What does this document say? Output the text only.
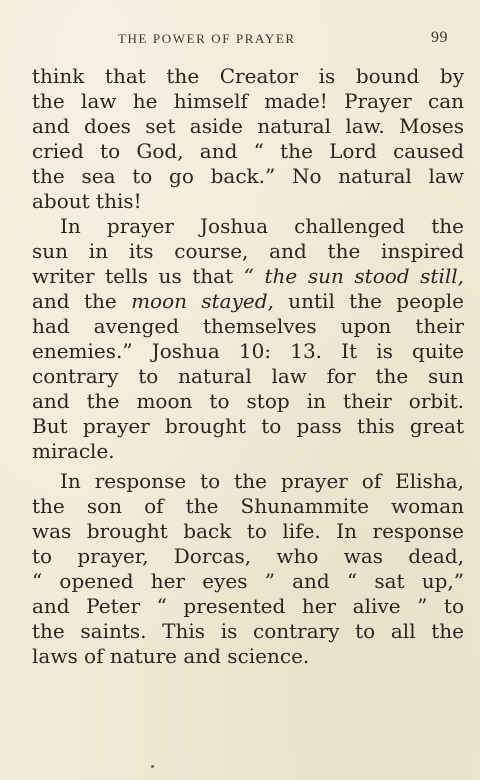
THE POWER OF PRAYER	99
think that the Creator is bound by
the law he himself made! Prayer can
and does set aside natural law. Moses
cried to God, and “ the Lord caused
the sea to go back.” No natural law
about this!
In prayer Joshua challenged the
sun in its course, and the inspired
writer tells us that “ the sun stood still,
and the moon stayed, until the people
had avenged themselves upon their
enemies.” Joshua 10: 13. It is quite
contrary to natural law for the sun
and the moon to stop in their orbit.
But prayer brought to pass this great
miracle.
In response to the prayer of Elisha,
the son of the Shunammite woman
was brought back to life. In response
to prayer, Dorcas, who was dead,
“ opened her eyes ” and “ sat up,”
and Peter “ presented her alive ” to
the saints. This is contrary to all the
laws of nature and science.
